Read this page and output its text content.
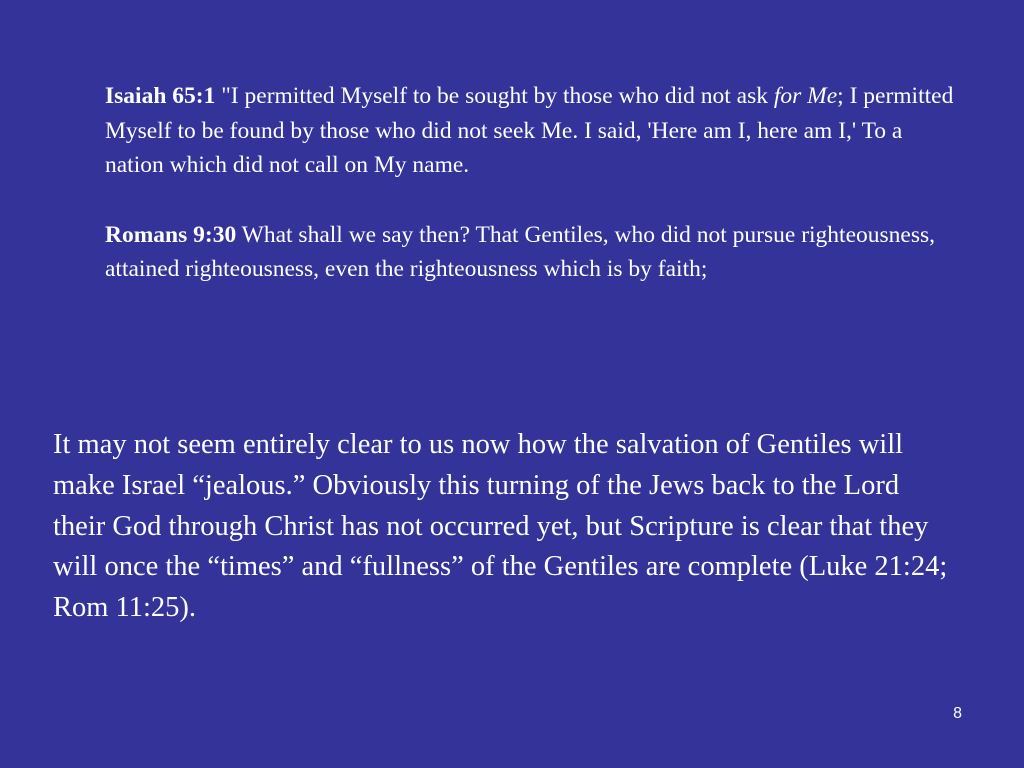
Isaiah 65:1 "I permitted Myself to be sought by those who did not ask for Me; I permitted Myself to be found by those who did not seek Me. I said, 'Here am I, here am I,' To a nation which did not call on My name.

Romans 9:30 What shall we say then? That Gentiles, who did not pursue righteousness, attained righteousness, even the righteousness which is by faith;

It may not seem entirely clear to us now how the salvation of Gentiles will make Israel “jealous.” Obviously this turning of the Jews back to the Lord their God through Christ has not occurred yet, but Scripture is clear that they will once the “times” and “fullness” of the Gentiles are complete (Luke 21:24; Rom 11:25).

8
